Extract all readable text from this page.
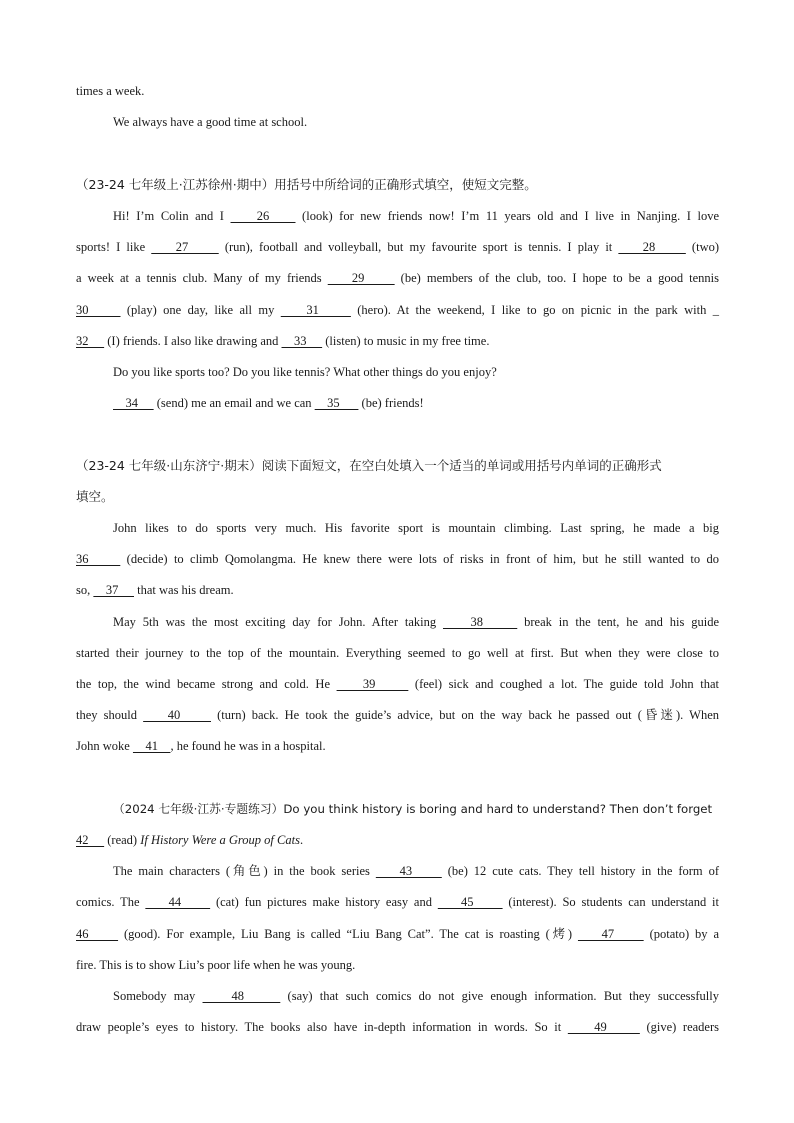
times a week.
We always have a good time at school.
（23-24 七年级上·江苏徐州·期中）用括号中所给词的正确形式填空，使短文完整。
Hi! I’m Colin and I     26     (look) for new friends now! I’m 11 years old and I live in Nanjing. I love
sports! I like     27      (run), football and volleyball, but my favourite sport is tennis. I play it     28      (two)
a week at a tennis club. Many of my friends     29      (be) members of the club, too. I hope to be a good tennis
30      (play) one day, like all my     31      (hero). At the weekend, I like to go on picnic in the park with _
32      (I) friends. I also like drawing and     33      (listen) to music in my free time.
Do you like sports too? Do you like tennis? What other things do you enjoy?
34      (send) me an email and we can     35       (be) friends!
（23-24 七年级·山东济宁·期末）阅读下面短文，在空白处填入一个适当的单词或用括号内单词的正确形式
填空。
John likes to do sports very much. His favorite sport is mountain climbing. Last spring, he made a big
36      (decide) to climb Qomolangma. He knew there were lots of risks in front of him, but he still wanted to do
so,     37      that was his dream.
May 5th was the most exciting day for John. After taking     38      break in the tent, he and his guide
started their journey to the top of the mountain. Everything seemed to go well at first. But when they were close to
the top, the wind became strong and cold. He     39      (feel) sick and coughed a lot. The guide told John that
they should     40      (turn) back. He took the guide’s advice, but on the way back he passed out (昏迷). When
John woke     41    , he found he was in a hospital.
（2024 七年级·江苏·专题练习）Do you think history is boring and hard to understand? Then don’t forget
42      (read) If History Were a Group of Cats.
The main characters (角色) in the book series     43      (be) 12 cute cats. They tell history in the form of
comics. The     44      (cat) fun pictures make history easy and     45      (interest). So students can understand it
46      (good). For example, Liu Bang is called “Liu Bang Cat”. The cat is roasting (烤)     47      (potato) by a
fire. This is to show Liu’s poor life when he was young.
Somebody may     48      (say) that such comics do not give enough information. But they successfully
draw people’s eyes to history. The books also have in-depth information in words. So it     49      (give) readers
